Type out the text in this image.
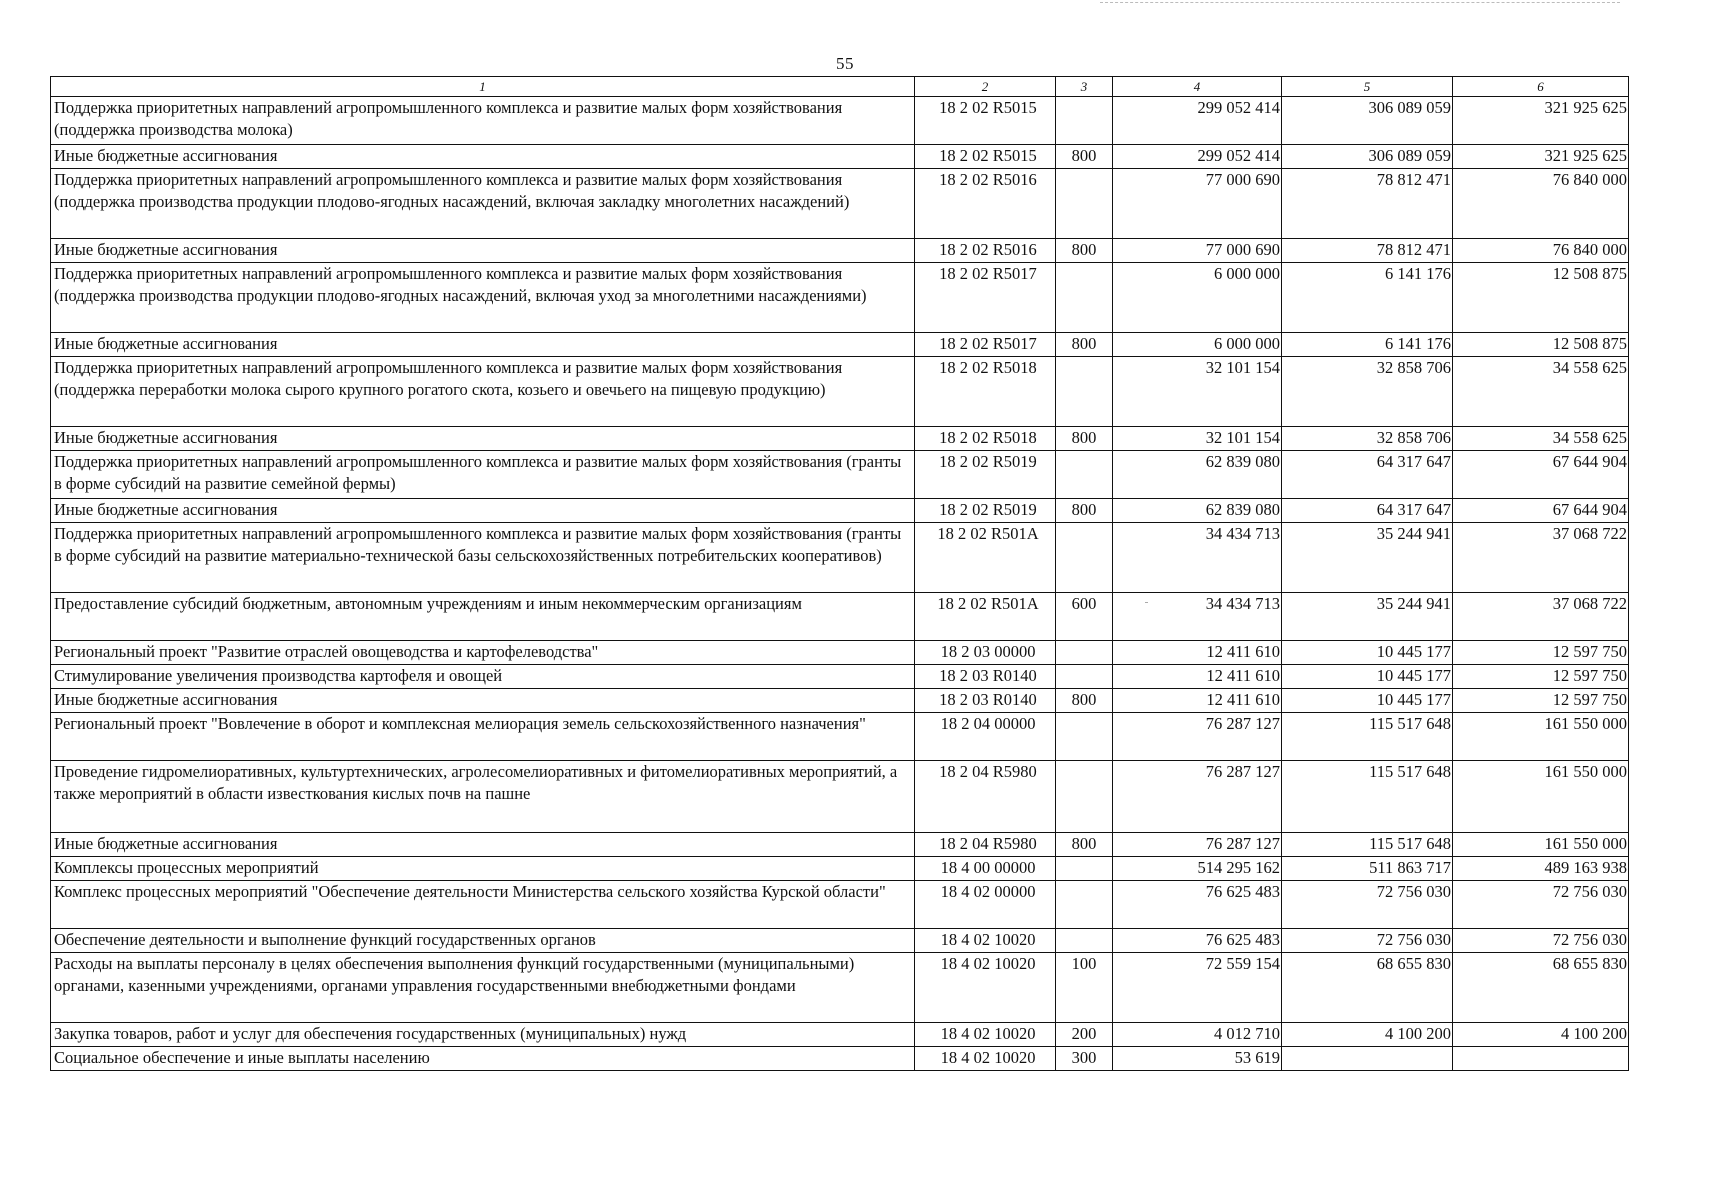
55
1	2	3	4	5	6
Поддержка приоритетных направлений агропромышленного комплекса и развитие малых форм хозяйствования (поддержка производства молока)	18 2 02 R5015		299 052 414	306 089 059	321 925 625
Иные бюджетные ассигнования	18 2 02 R5015	800	299 052 414	306 089 059	321 925 625
Поддержка приоритетных направлений агропромышленного комплекса и развитие малых форм хозяйствования (поддержка производства продукции плодово-ягодных насаждений, включая закладку многолетних насаждений)	18 2 02 R5016		77 000 690	78 812 471	76 840 000
Иные бюджетные ассигнования	18 2 02 R5016	800	77 000 690	78 812 471	76 840 000
Поддержка приоритетных направлений агропромышленного комплекса и развитие малых форм хозяйствования (поддержка производства продукции плодово-ягодных насаждений, включая уход за многолетними насаждениями)	18 2 02 R5017		6 000 000	6 141 176	12 508 875
Иные бюджетные ассигнования	18 2 02 R5017	800	6 000 000	6 141 176	12 508 875
Поддержка приоритетных направлений агропромышленного комплекса и развитие малых форм хозяйствования (поддержка переработки молока сырого крупного рогатого скота, козьего и овечьего на пищевую продукцию)	18 2 02 R5018		32 101 154	32 858 706	34 558 625
Иные бюджетные ассигнования	18 2 02 R5018	800	32 101 154	32 858 706	34 558 625
Поддержка приоритетных направлений агропромышленного комплекса и развитие малых форм хозяйствования (гранты в форме субсидий на развитие семейной фермы)	18 2 02 R5019		62 839 080	64 317 647	67 644 904
Иные бюджетные ассигнования	18 2 02 R5019	800	62 839 080	64 317 647	67 644 904
Поддержка приоритетных направлений агропромышленного комплекса и развитие малых форм хозяйствования (гранты в форме субсидий на развитие материально-технической базы сельскохозяйственных потребительских кооперативов)	18 2 02 R501A		34 434 713	35 244 941	37 068 722
Предоставление субсидий бюджетным, автономным учреждениям и иным некоммерческим организациям	18 2 02 R501A	600	34 434 713	35 244 941	37 068 722
Региональный проект "Развитие отраслей овощеводства и картофелеводства"	18 2 03 00000		12 411 610	10 445 177	12 597 750
Стимулирование увеличения производства картофеля и овощей	18 2 03 R0140		12 411 610	10 445 177	12 597 750
Иные бюджетные ассигнования	18 2 03 R0140	800	12 411 610	10 445 177	12 597 750
Региональный проект "Вовлечение в оборот и комплексная мелиорация земель сельскохозяйственного назначения"	18 2 04 00000		76 287 127	115 517 648	161 550 000
Проведение гидромелиоративных, культуртехнических, агролесомелиоративных и фитомелиоративных мероприятий, а также мероприятий в области известкования кислых почв на пашне	18 2 04 R5980		76 287 127	115 517 648	161 550 000
Иные бюджетные ассигнования	18 2 04 R5980	800	76 287 127	115 517 648	161 550 000
Комплексы процессных мероприятий	18 4 00 00000		514 295 162	511 863 717	489 163 938
Комплекс процессных мероприятий "Обеспечение деятельности Министерства сельского хозяйства Курской области"	18 4 02 00000		76 625 483	72 756 030	72 756 030
Обеспечение деятельности и выполнение функций государственных органов	18 4 02 10020		76 625 483	72 756 030	72 756 030
Расходы на выплаты персоналу в целях обеспечения выполнения функций государственными (муниципальными) органами, казенными учреждениями, органами управления государственными внебюджетными фондами	18 4 02 10020	100	72 559 154	68 655 830	68 655 830
Закупка товаров, работ и услуг для обеспечения государственных (муниципальных) нужд	18 4 02 10020	200	4 012 710	4 100 200	4 100 200
Социальное обеспечение и иные выплаты населению	18 4 02 10020	300	53 619		
